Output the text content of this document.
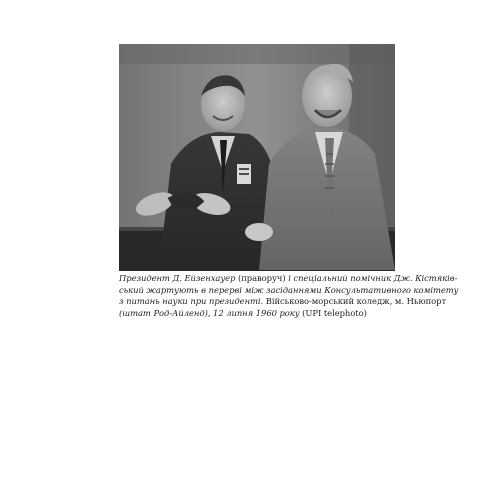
Президент Д. Ейзенхауер (праворуч) і спеціальний помічник Дж. Кістяків-
ський жартують в перерві між засіданнями Консультативного комітету
з питань науки при президенті. Військово-морський коледж, м. Ньюпорт
(штат Род-Айленд), 12 липня 1960 року (UPI telephoto)
